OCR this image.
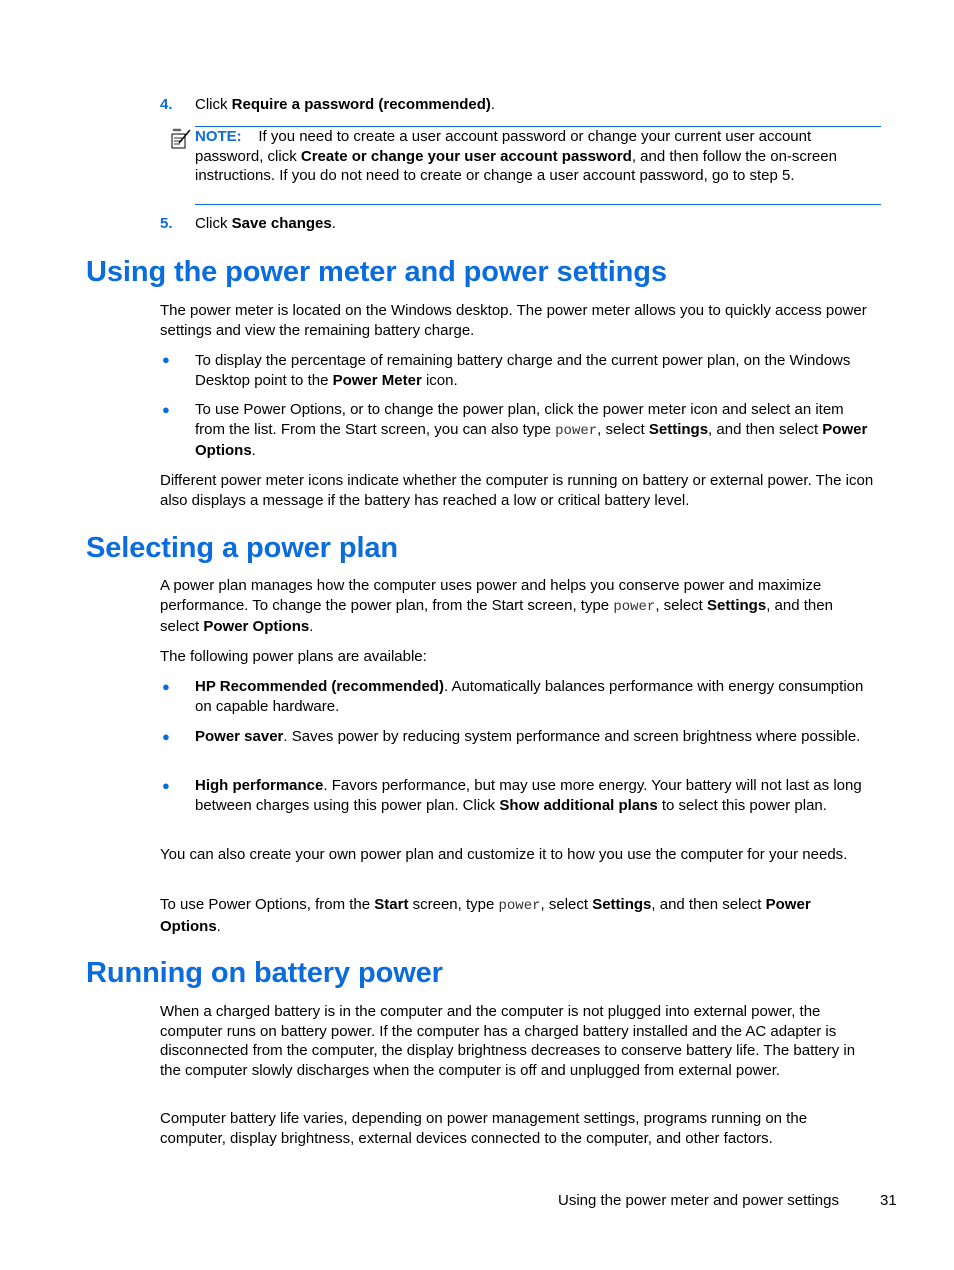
4. Click Require a password (recommended).
NOTE: If you need to create a user account password or change your current user account password, click Create or change your user account password, and then follow the on-screen instructions. If you do not need to create or change a user account password, go to step 5.
5. Click Save changes.
Using the power meter and power settings

The power meter is located on the Windows desktop. The power meter allows you to quickly access power settings and view the remaining battery charge.

● To display the percentage of remaining battery charge and the current power plan, on the Windows Desktop point to the Power Meter icon.
● To use Power Options, or to change the power plan, click the power meter icon and select an item from the list. From the Start screen, you can also type power, select Settings, and then select Power Options.

Different power meter icons indicate whether the computer is running on battery or external power. The icon also displays a message if the battery has reached a low or critical battery level.

Selecting a power plan

A power plan manages how the computer uses power and helps you conserve power and maximize performance. To change the power plan, from the Start screen, type power, select Settings, and then select Power Options.

The following power plans are available:

● HP Recommended (recommended). Automatically balances performance with energy consumption on capable hardware.
● Power saver. Saves power by reducing system performance and screen brightness where possible.
● High performance. Favors performance, but may use more energy. Your battery will not last as long between charges using this power plan. Click Show additional plans to select this power plan.

You can also create your own power plan and customize it to how you use the computer for your needs.

To use Power Options, from the Start screen, type power, select Settings, and then select Power Options.

Running on battery power

When a charged battery is in the computer and the computer is not plugged into external power, the computer runs on battery power. If the computer has a charged battery installed and the AC adapter is disconnected from the computer, the display brightness decreases to conserve battery life. The battery in the computer slowly discharges when the computer is off and unplugged from external power.

Computer battery life varies, depending on power management settings, programs running on the computer, display brightness, external devices connected to the computer, and other factors.

Using the power meter and power settings	31
